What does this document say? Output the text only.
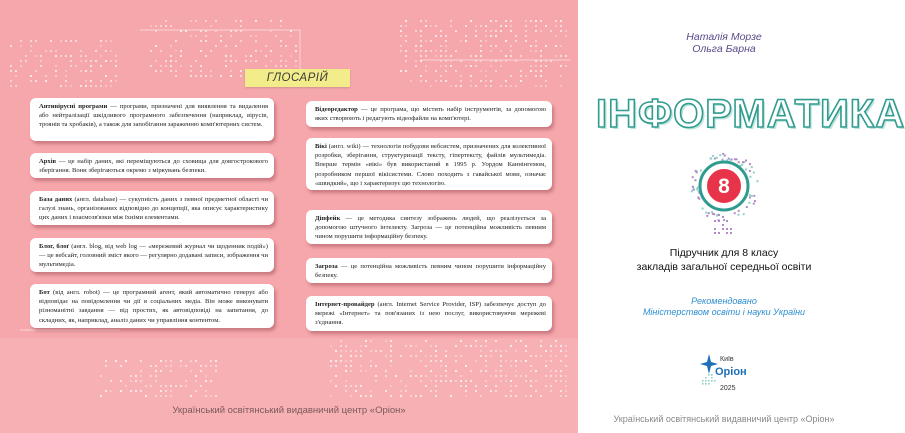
ГЛОСАРІЙ
Антивірусні програми — програми, призначені для виявлення та видалення або нейтралізації шкідливого програмного забезпечення (наприклад, вірусів, троянів та хробаків), а також для запобігання зараженню комп'ютерних систем.
Архів — це набір даних, які переміщуються до сховища для довгострокового зберігання. Вони зберігаються окремо з міркувань безпеки.
База даних (англ. database) — сукупність даних з певної предметної області чи галузі знань, організованих відповідно до концепції, яка описує характеристику цих даних і взаємозв'язки між їхніми елементами.
Блог, блоґ (англ. blog, від web log — «мережевий журнал чи щоденник подій») — це вебсайт, головний зміст якого — регулярно додавані записи, зображення чи мультимедіа.
Бот (від англ. robot) — це програмний агент, який автоматично генерує або відповідає на повідомлення чи дії в соціальних медіа. Він може виконувати різноманітні завдання — від простих, як автовідповіді на запитання, до складних, як, наприклад, аналіз даних чи управління контентом.
Відеоредактор — це програма, що містить набір інструментів, за допомогою яких створюють і редагують відеофайли на комп'ютері.
Вікі (англ. wiki) — технологія побудови вебсистем, призначених для колективної розробки, зберігання, структуризації тексту, гіпертексту, файлів мультимедіа. Вперше термін «вікі» був використаний в 1995 р. Уордом Каннінгемом, розробником першої вікісистеми. Слово походить з гавайської мови, означає «швидкий», що і характеризує цю технологію.
Діпфейк — це методика синтезу зображень людей, що реалізується за допомогою штучного інтелекту. Загроза — це потенційна можливість певним чином порушити інформаційну безпеку.
Загроза — це потенційна можливість певним чином порушити інформаційну безпеку.
Інтернет-провайдер (англ. Internet Service Provider, ISP) забезпечує доступ до мережі «Інтернет» та пов'язаних із нею послуг, використовуючи мережеві з'єднання.
Український освітянський видавничий центр «Оріон»
Наталія Морзе
Ольга Барна
ІНФОРМАТИКА
8
Підручник для 8 класу
закладів загальної середньої освіти
Рекомендовано
Міністерством освіти і науки України
Київ
Оріон
2025
Український освітянський видавничий центр «Оріон»
